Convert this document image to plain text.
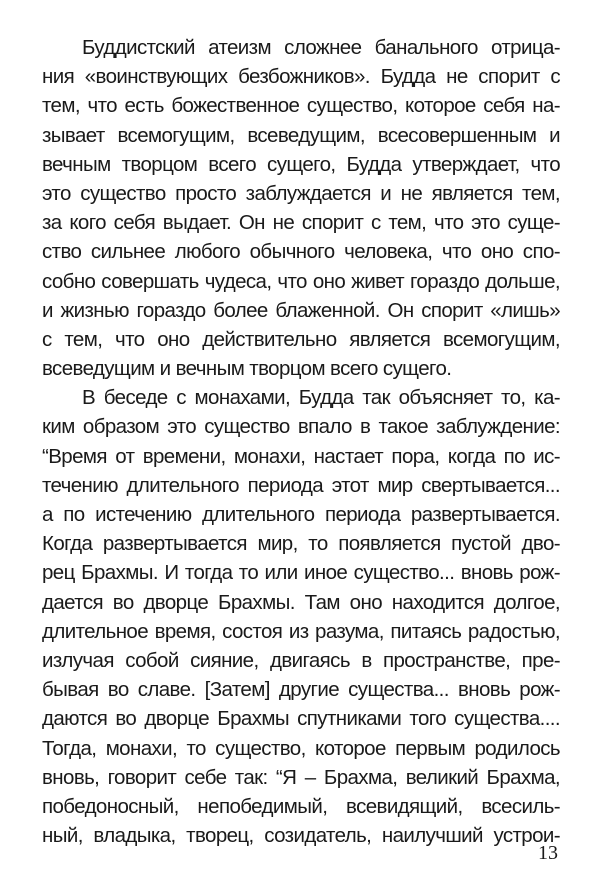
Буддистский атеизм сложнее банального отрица-
ния «воинствующих безбожников». Будда не спорит с
тем, что есть божественное существо, которое себя на-
зывает всемогущим, всеведущим, всесовершенным и
вечным творцом всего сущего, Будда утверждает, что
это существо просто заблуждается и не является тем,
за кого себя выдает. Он не спорит с тем, что это суще-
ство сильнее любого обычного человека, что оно спо-
собно совершать чудеса, что оно живет гораздо дольше,
и жизнью гораздо более блаженной. Он спорит «лишь»
с тем, что оно действительно является всемогущим,
всеведущим и вечным творцом всего сущего.
В беседе с монахами, Будда так объясняет то, ка-
ким образом это существо впало в такое заблуждение:
“Время от времени, монахи, настает пора, когда по ис-
течению длительного периода этот мир свертывается...
а по истечению длительного периода развертывается.
Когда развертывается мир, то появляется пустой дво-
рец Брахмы. И тогда то или иное существо... вновь рож-
дается во дворце Брахмы. Там оно находится долгое,
длительное время, состоя из разума, питаясь радостью,
излучая собой сияние, двигаясь в пространстве, пре-
бывая во славе. [Затем] другие существа... вновь рож-
даются во дворце Брахмы спутниками того существа....
Тогда, монахи, то существо, которое первым родилось
вновь, говорит себе так: “Я – Брахма, великий Брахма,
победоносный, непобедимый, всевидящий, всесиль-
ный, владыка, творец, созидатель, наилучший устрои-
13
